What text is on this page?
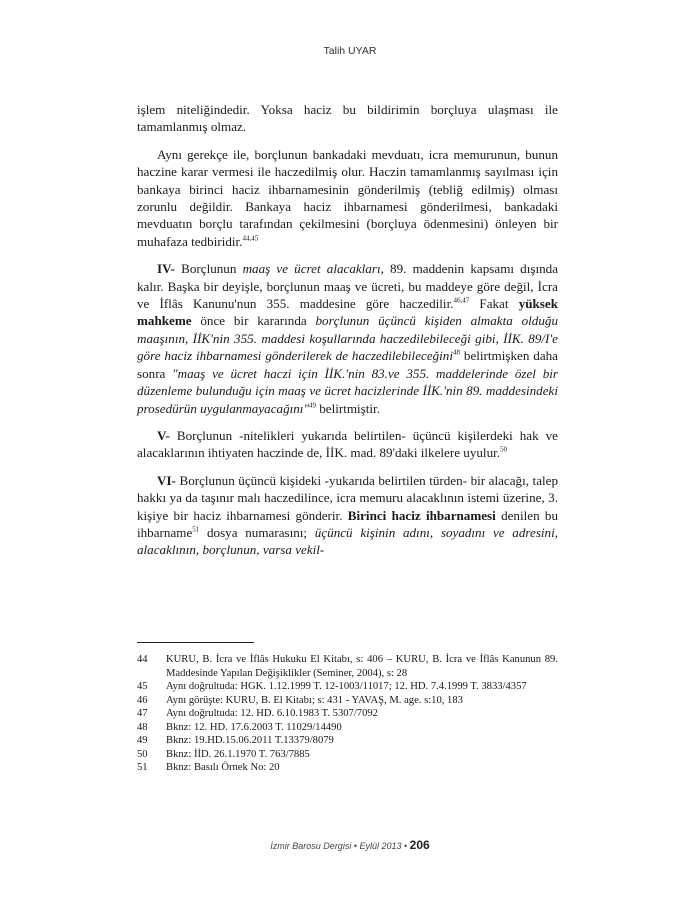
Talih UYAR

işlem niteliğindedir. Yoksa haciz bu bildirimin borçluya ulaşması ile tamamlanmış olmaz.

Aynı gerekçe ile, borçlunun bankadaki mevduatı, icra memurunun, bunun haczine karar vermesi ile haczedilmiş olur. Haczin tamamlanmış sayılması için bankaya birinci haciz ihbarnamesinin gönderilmiş (tebliğ edilmiş) olması zorunlu değildir. Bankaya haciz ihbarnamesi gönderilmesi, bankadaki mevduatın borçlu tarafından çekilmesini (borçluya ödenmesini) önleyen bir muhafaza tedbiridir.$^{44,45}$

IV- Borçlunun maaş ve ücret alacakları, 89. maddenin kapsamı dışında kalır. Başka bir deyişle, borçlunun maaş ve ücreti, bu maddeye göre değil, İcra ve İflâs Kanunu'nun 355. maddesine göre haczedilir.$^{46,47}$ Fakat yüksek mahkeme önce bir kararında borçlunun üçüncü kişiden almakta olduğu maaşının, İİK'nin 355. maddesi koşullarında haczedilebileceği gibi, İİK. 89/I'e göre haciz ihbarnamesi gönderilerek de haczedilebileceğini$^{48}$ belirtmişken daha sonra "maaş ve ücret haczi için İİK.'nin 83.ve 355. maddelerinde özel bir düzenleme bulunduğu için maaş ve ücret hacizlerinde İİK.'nin 89. maddesindeki prosedürün uygulanmayacağını"$^{49}$ belirtmiştir.

V- Borçlunun -nitelikleri yukarıda belirtilen- üçüncü kişilerdeki hak ve alacaklarının ihtiyaten haczinde de, İİK. mad. 89'daki ilkelere uyulur.$^{50}$

VI- Borçlunun üçüncü kişideki -yukarıda belirtilen türden- bir alacağı, talep hakkı ya da taşınır malı haczedilince, icra memuru alacaklının istemi üzerine, 3. kişiye bir haciz ihbarnamesi gönderir. Birinci haciz ihbarnamesi denilen bu ihbarname$^{51}$ dosya numarasını; üçüncü kişinin adını, soyadını ve adresini, alacaklının, borçlunun, varsa vekil-

44	KURU, B. İcra ve İflâs Hukuku El Kitabı, s: 406 – KURU, B. İcra ve İflâs Kanunun 89. Maddesinde Yapılan Değişiklikler (Seminer, 2004), s: 28
45	Aynı doğrultuda: HGK. 1.12.1999 T. 12-1003/11017; 12. HD. 7.4.1999 T. 3833/4357
46	Aynı görüşte: KURU, B. El Kitabı; s: 431 - YAVAŞ, M. age. s:10, 183
47	Aynı doğrultuda: 12. HD. 6.10.1983 T. 5307/7092
48	Bknz: 12. HD. 17.6.2003 T. 11029/14490
49	Bknz: 19.HD.15.06.2011 T.13379/8079
50	Bknz: İİD. 26.1.1970 T. 763/7885
51	Bknz: Basılı Örnek No: 20
İzmir Barosu Dergisi • Eylül 2013 • 206
